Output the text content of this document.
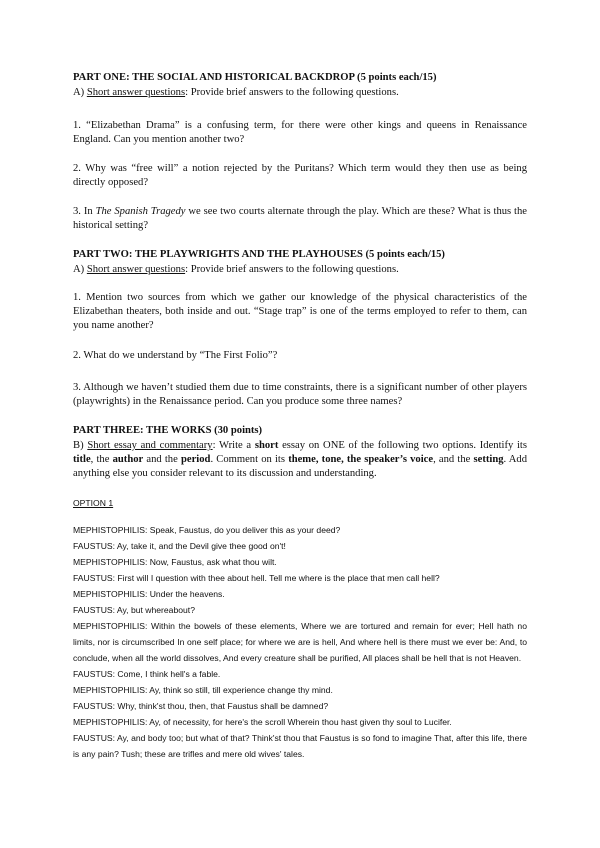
PART ONE: THE SOCIAL AND HISTORICAL BACKDROP (5 points each/15)

A) Short answer questions: Provide brief answers to the following questions.

1. “Elizabethan Drama” is a confusing term, for there were other kings and queens in Renaissance England. Can you mention another two?

2. Why was “free will” a notion rejected by the Puritans? Which term would they then use as being directly opposed?

3. In The Spanish Tragedy we see two courts alternate through the play. Which are these? What is thus the historical setting?

PART TWO: THE PLAYWRIGHTS AND THE PLAYHOUSES (5 points each/15)

A) Short answer questions: Provide brief answers to the following questions.

1. Mention two sources from which we gather our knowledge of the physical characteristics of the Elizabethan theaters, both inside and out. “Stage trap” is one of the terms employed to refer to them, can you name another?

2. What do we understand by “The First Folio”?

3. Although we haven’t studied them due to time constraints, there is a significant number of other players (playwrights) in the Renaissance period. Can you produce some three names?

PART THREE: THE WORKS (30 points)

B) Short essay and commentary: Write a short essay on ONE of the following two options. Identify its title, the author and the period. Comment on its theme, tone, the speaker’s voice, and the setting. Add anything else you consider relevant to its discussion and understanding.

OPTION 1

MEPHISTOPHILIS: Speak, Faustus, do you deliver this as your deed?
FAUSTUS: Ay, take it, and the Devil give thee good on't!
MEPHISTOPHILIS: Now, Faustus, ask what thou wilt.
FAUSTUS: First will I question with thee about hell. Tell me where is the place that men call hell?
MEPHISTOPHILIS: Under the heavens.
FAUSTUS: Ay, but whereabout?
MEPHISTOPHILIS: Within the bowels of these elements, Where we are tortured and remain for ever; Hell hath no limits, nor is circumscribed In one self place; for where we are is hell, And where hell is there must we ever be: And, to conclude, when all the world dissolves, And every creature shall be purified, All places shall be hell that is not Heaven.
FAUSTUS: Come, I think hell's a fable.
MEPHISTOPHILIS: Ay, think so still, till experience change thy mind.
FAUSTUS: Why, think'st thou, then, that Faustus shall be damned?
MEPHISTOPHILIS: Ay, of necessity, for here's the scroll Wherein thou hast given thy soul to Lucifer.
FAUSTUS: Ay, and body too; but what of that? Think'st thou that Faustus is so fond to imagine That, after this life, there is any pain? Tush; these are trifles and mere old wives' tales.
